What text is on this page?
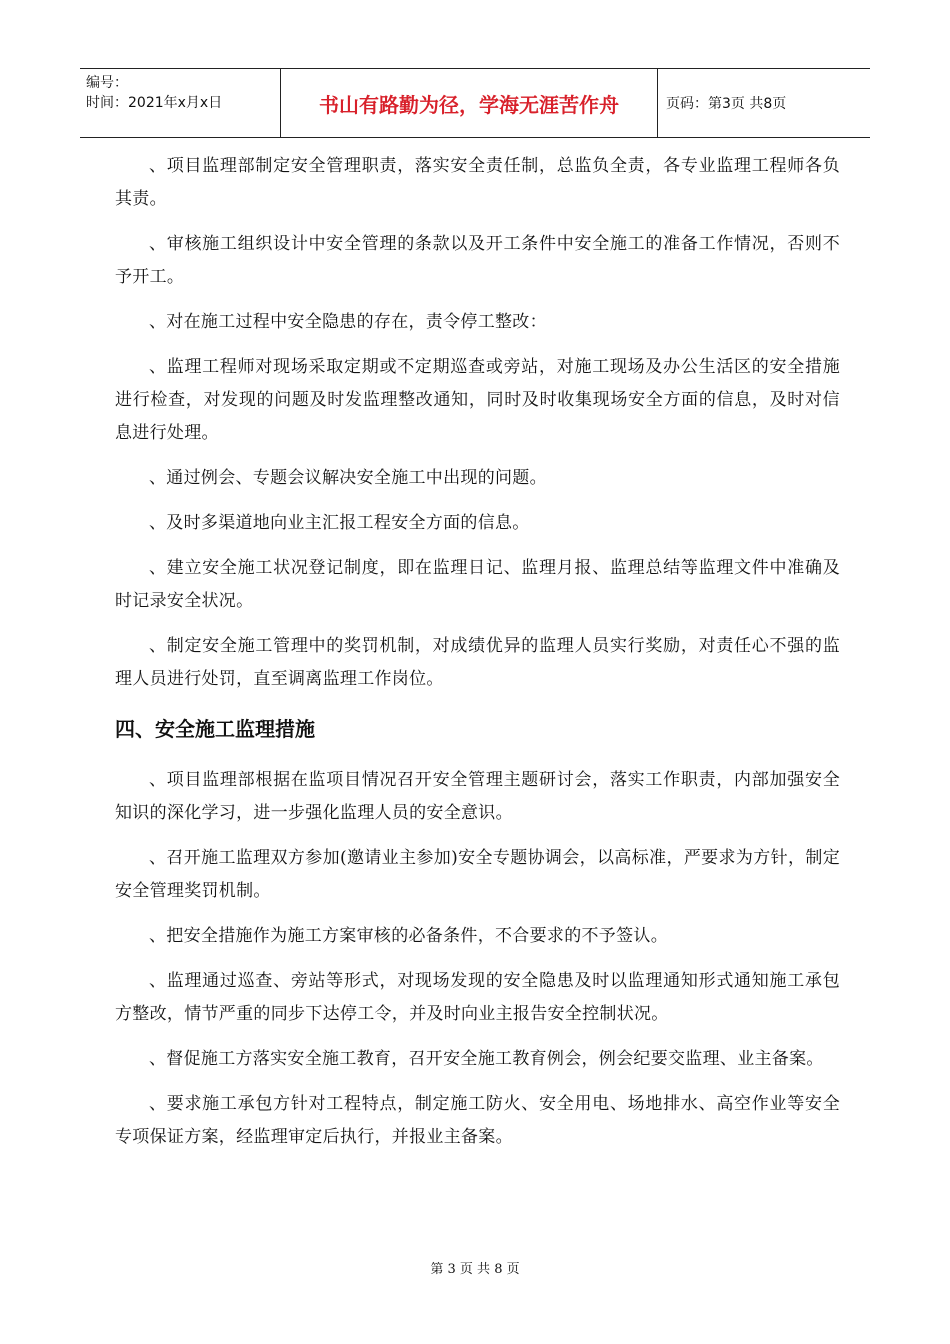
编号：
时间：2021年x月x日	书山有路勤为径，学海无涯苦作舟	页码：第3页 共8页

、项目监理部制定安全管理职责，落实安全责任制，总监负全责，各专业监理工程师各负其责。

、审核施工组织设计中安全管理的条款以及开工条件中安全施工的准备工作情况，否则不予开工。

、对在施工过程中安全隐患的存在，责令停工整改：

、监理工程师对现场采取定期或不定期巡查或旁站，对施工现场及办公生活区的安全措施进行检查，对发现的问题及时发监理整改通知，同时及时收集现场安全方面的信息，及时对信息进行处理。

、通过例会、专题会议解决安全施工中出现的问题。

、及时多渠道地向业主汇报工程安全方面的信息。

、建立安全施工状况登记制度，即在监理日记、监理月报、监理总结等监理文件中准确及时记录安全状况。

、制定安全施工管理中的奖罚机制，对成绩优异的监理人员实行奖励，对责任心不强的监理人员进行处罚，直至调离监理工作岗位。

四、安全施工监理措施

、项目监理部根据在监项目情况召开安全管理主题研讨会，落实工作职责，内部加强安全知识的深化学习，进一步强化监理人员的安全意识。

、召开施工监理双方参加(邀请业主参加)安全专题协调会，以高标准，严要求为方针，制定安全管理奖罚机制。

、把安全措施作为施工方案审核的必备条件，不合要求的不予签认。

、监理通过巡查、旁站等形式，对现场发现的安全隐患及时以监理通知形式通知施工承包方整改，情节严重的同步下达停工令，并及时向业主报告安全控制状况。

、督促施工方落实安全施工教育，召开安全施工教育例会，例会纪要交监理、业主备案。

、要求施工承包方针对工程特点，制定施工防火、安全用电、场地排水、高空作业等安全专项保证方案，经监理审定后执行，并报业主备案。

第 3 页 共 8 页
